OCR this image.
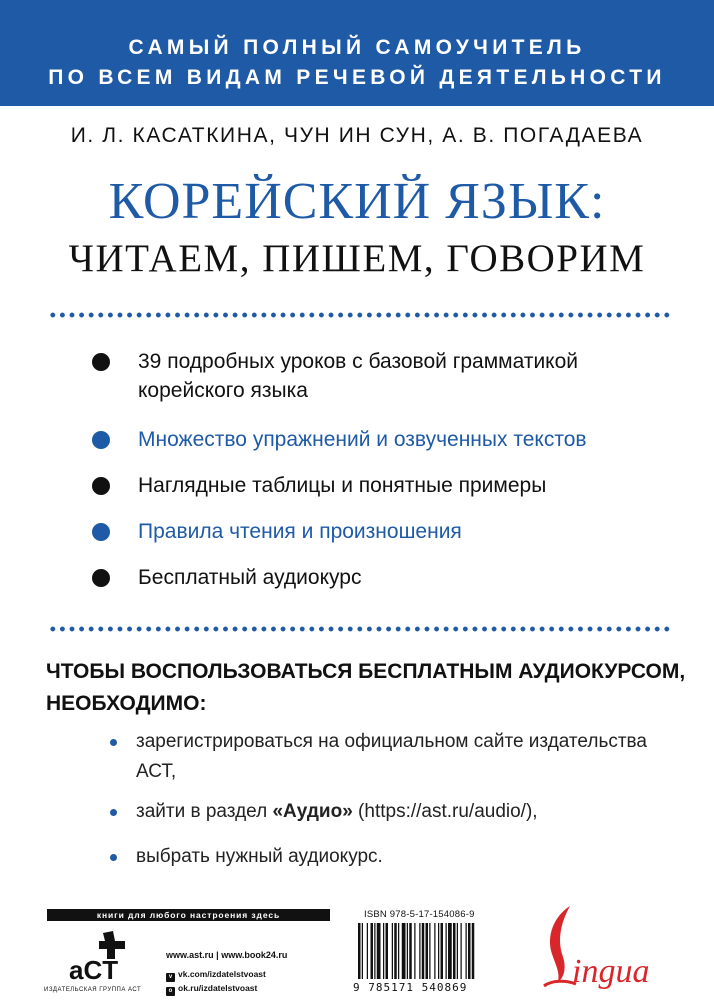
САМЫЙ ПОЛНЫЙ САМОУЧИТЕЛЬ
ПО ВСЕМ ВИДАМ РЕЧЕВОЙ ДЕЯТЕЛЬНОСТИ
И. Л. КАСАТКИНА, ЧУН ИН СУН, А. В. ПОГАДАЕВА
КОРЕЙСКИЙ ЯЗЫК:
ЧИТАЕМ, ПИШЕМ, ГОВОРИМ
39 подробных уроков с базовой грамматикой корейского языка
Множество упражнений и озвученных текстов
Наглядные таблицы и понятные примеры
Правила чтения и произношения
Бесплатный аудиокурс
ЧТОБЫ ВОСПОЛЬЗОВАТЬСЯ БЕСПЛАТНЫМ АУДИОКУРСОМ, НЕОБХОДИМО:
зарегистрироваться на официальном сайте издательства АСТ,
зайти в раздел «Аудио» (https://ast.ru/audio/),
выбрать нужный аудиокурс.
книги для любого настроения здесь
aCT
ИЗДАТЕЛЬСКАЯ ГРУППА АСТ
www.ast.ru | www.book24.ru
v vk.com/izdatelstvoast
o ok.ru/izdatelstvoast
ISBN 978-5-17-154086-9
9 785171 540869	ingua
